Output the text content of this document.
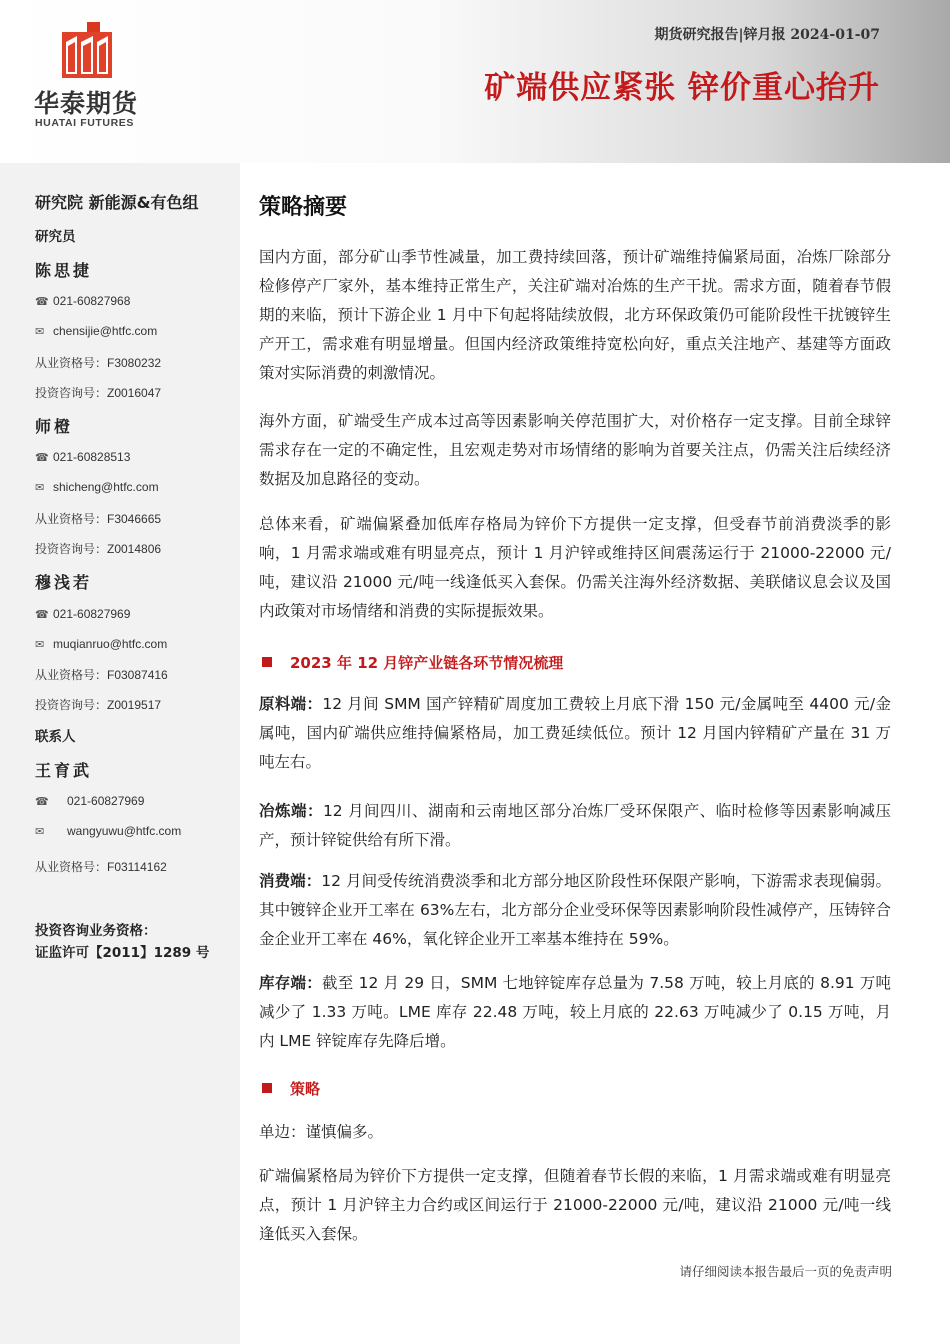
华泰期货
HUATAI FUTURES
期货研究报告|锌月报 2024-01-07
矿端供应紧张 锌价重心抬升
研究院 新能源&有色组
研究员
陈思捷
☎ 021-60827968
✉ chensijie@htfc.com
从业资格号：F3080232
投资咨询号：Z0016047
师橙
☎ 021-60828513
✉ shicheng@htfc.com
从业资格号：F3046665
投资咨询号：Z0014806
穆浅若
☎ 021-60827969
✉ muqianruo@htfc.com
从业资格号：F03087416
投资咨询号：Z0019517
联系人
王育武
☎ 021-60827969
✉ wangyuwu@htfc.com
从业资格号：F03114162
投资咨询业务资格：
证监许可【2011】1289 号
策略摘要
国内方面，部分矿山季节性减量，加工费持续回落，预计矿端维持偏紧局面，冶炼厂除部分检修停产厂家外，基本维持正常生产，关注矿端对冶炼的生产干扰。需求方面，随着春节假期的来临，预计下游企业 1 月中下旬起将陆续放假，北方环保政策仍可能阶段性干扰镀锌生产开工，需求难有明显增量。但国内经济政策维持宽松向好，重点关注地产、基建等方面政策对实际消费的刺激情况。
海外方面，矿端受生产成本过高等因素影响关停范围扩大，对价格存一定支撑。目前全球锌需求存在一定的不确定性，且宏观走势对市场情绪的影响为首要关注点，仍需关注后续经济数据及加息路径的变动。
总体来看，矿端偏紧叠加低库存格局为锌价下方提供一定支撑，但受春节前消费淡季的影响，1 月需求端或难有明显亮点，预计 1 月沪锌或维持区间震荡运行于 21000-22000 元/吨，建议沿 21000 元/吨一线逢低买入套保。仍需关注海外经济数据、美联储议息会议及国内政策对市场情绪和消费的实际提振效果。
2023 年 12 月锌产业链各环节情况梳理
原料端：12 月间 SMM 国产锌精矿周度加工费较上月底下滑 150 元/金属吨至 4400 元/金属吨，国内矿端供应维持偏紧格局，加工费延续低位。预计 12 月国内锌精矿产量在 31 万吨左右。
冶炼端：12 月间四川、湖南和云南地区部分冶炼厂受环保限产、临时检修等因素影响减压产，预计锌锭供给有所下滑。
消费端：12 月间受传统消费淡季和北方部分地区阶段性环保限产影响，下游需求表现偏弱。其中镀锌企业开工率在 63%左右，北方部分企业受环保等因素影响阶段性减停产，压铸锌合金企业开工率在 46%，氧化锌企业开工率基本维持在 59%。
库存端：截至 12 月 29 日，SMM 七地锌锭库存总量为 7.58 万吨，较上月底的 8.91 万吨减少了 1.33 万吨。LME 库存 22.48 万吨，较上月底的 22.63 万吨减少了 0.15 万吨，月内 LME 锌锭库存先降后增。
策略
单边：谨慎偏多。
矿端偏紧格局为锌价下方提供一定支撑，但随着春节长假的来临，1 月需求端或难有明显亮点，预计 1 月沪锌主力合约或区间运行于 21000-22000 元/吨，建议沿 21000 元/吨一线逢低买入套保。
请仔细阅读本报告最后一页的免责声明
